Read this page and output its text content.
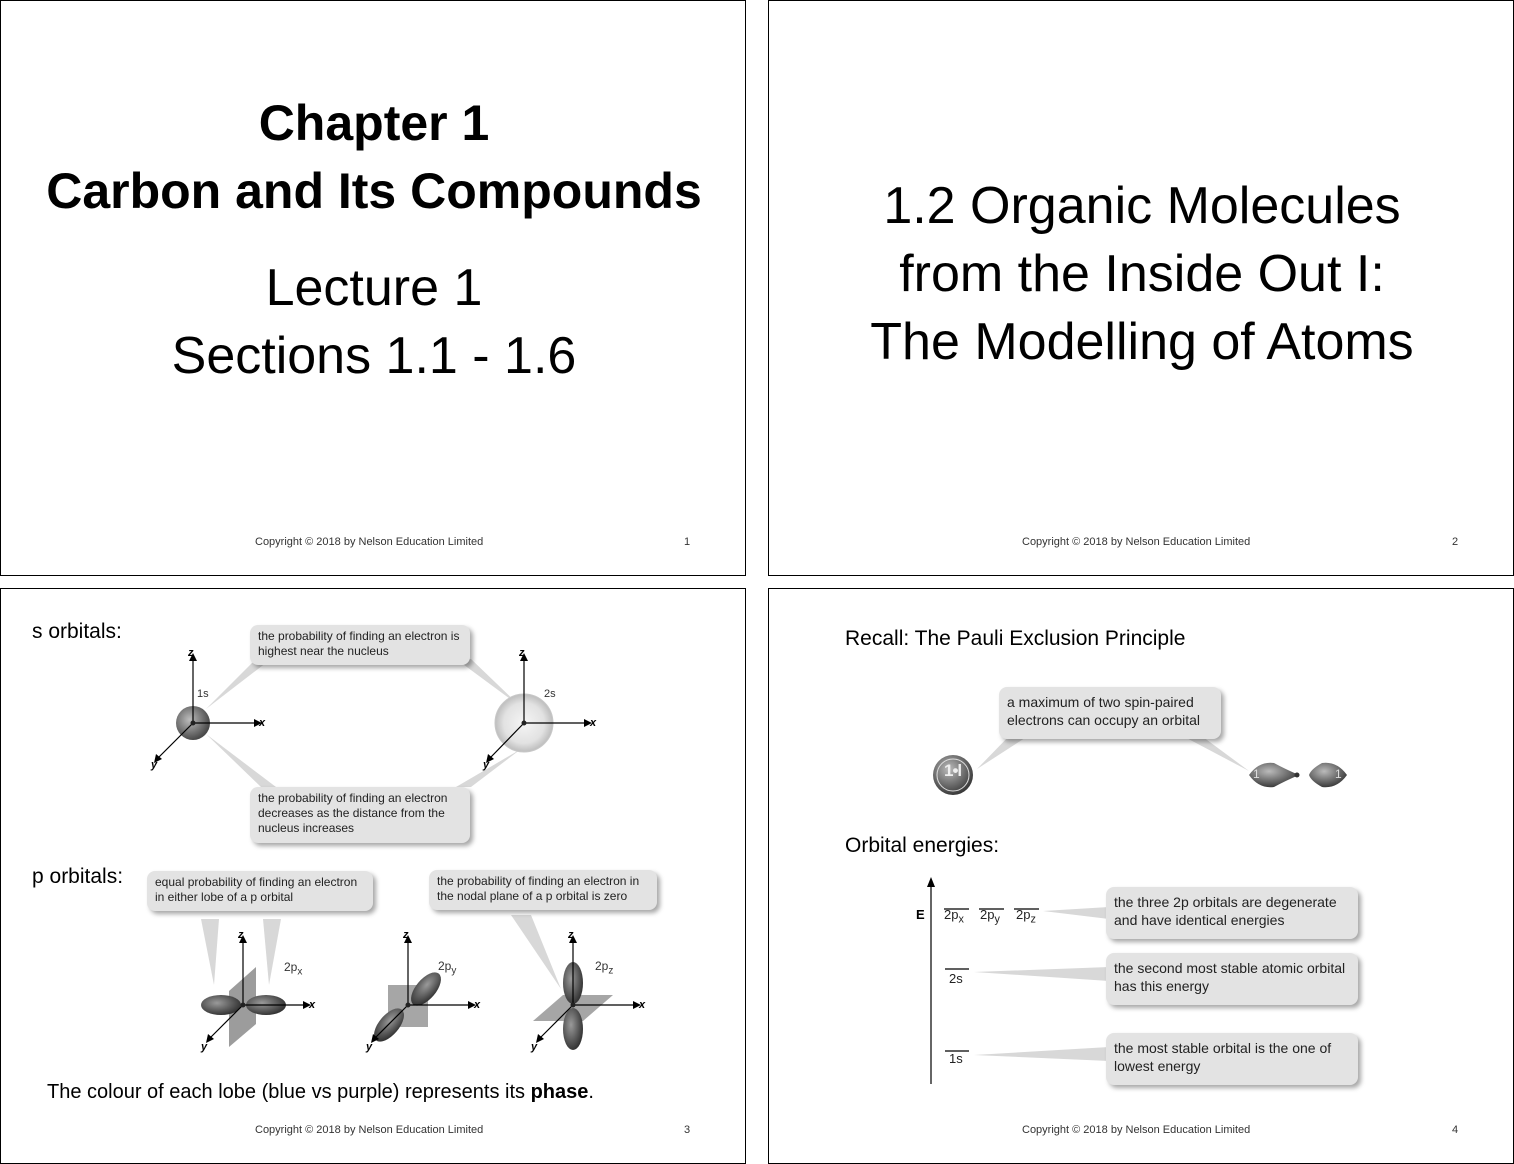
Chapter 1
Carbon and Its Compounds
Lecture 1
Sections 1.1 - 1.6
Copyright © 2018 by Nelson Education Limited	1
1.2 Organic Molecules
from the Inside Out I:
The Modelling of Atoms
Copyright © 2018 by Nelson Education Limited	2
s orbitals:
p orbitals:
z
x
y
1s
z
x
y
2s
z
x
y
$2p_x$
z
x
y
$2p_y$
z
x
y
$2p_z$
the probability of finding an electron is highest near the nucleus
the probability of finding an electron decreases as the distance from the nucleus increases
equal probability of finding an electron in either lobe of a p orbital
the probability of finding an electron in the nodal plane of a p orbital is zero
The colour of each lobe (blue vs purple) represents its phase.
Copyright © 2018 by Nelson Education Limited	3
Recall: The Pauli Exclusion Principle
Orbital energies:
1•l	1	1
a maximum of two spin-paired electrons can occupy an orbital
E $2p_x$ $2p_y$ $2p_z$
2s
1s
the three 2p orbitals are degenerate and have identical energies
the second most stable atomic orbital has this energy
the most stable orbital is the one of lowest energy
Copyright © 2018 by Nelson Education Limited	4
